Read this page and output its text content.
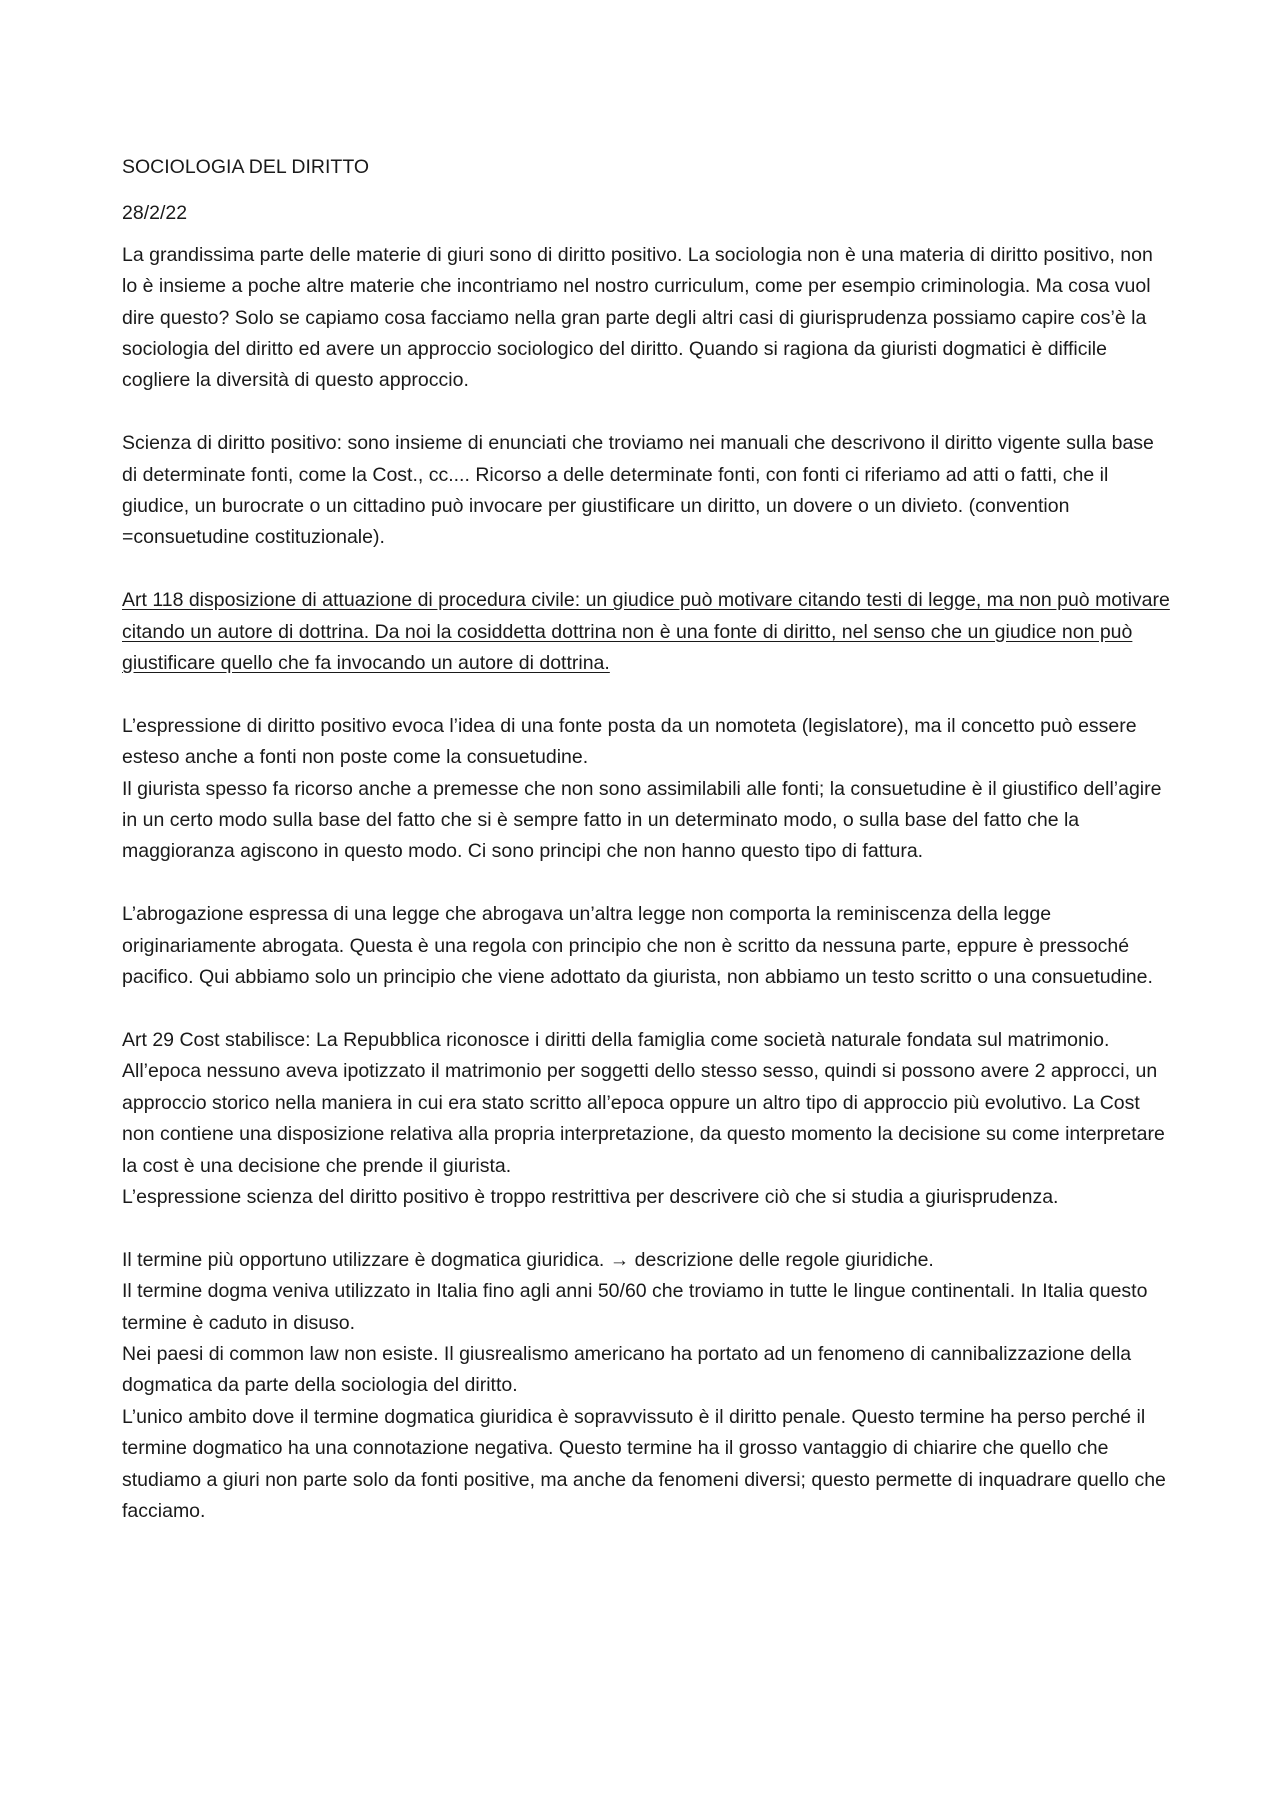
SOCIOLOGIA DEL DIRITTO

28/2/22

La grandissima parte delle materie di giuri sono di diritto positivo. La sociologia non è una materia di diritto positivo, non lo è insieme a poche altre materie che incontriamo nel nostro curriculum, come per esempio criminologia. Ma cosa vuol dire questo? Solo se capiamo cosa facciamo nella gran parte degli altri casi di giurisprudenza possiamo capire cos’è la sociologia del diritto ed avere un approccio sociologico del diritto. Quando si ragiona da giuristi dogmatici è difficile cogliere la diversità di questo approccio.

Scienza di diritto positivo: sono insieme di enunciati che troviamo nei manuali che descrivono il diritto vigente sulla base di determinate fonti, come la Cost., cc.... Ricorso a delle determinate fonti, con fonti ci riferiamo ad atti o fatti, che il giudice, un burocrate o un cittadino può invocare per giustificare un diritto, un dovere o un divieto. (convention =consuetudine costituzionale).

Art 118 disposizione di attuazione di procedura civile: un giudice può motivare citando testi di legge, ma non può motivare citando un autore di dottrina. Da noi la cosiddetta dottrina non è una fonte di diritto, nel senso che un giudice non può giustificare quello che fa invocando un autore di dottrina.

L’espressione di diritto positivo evoca l’idea di una fonte posta da un nomoteta (legislatore), ma il concetto può essere esteso anche a fonti non poste come la consuetudine.

Il giurista spesso fa ricorso anche a premesse che non sono assimilabili alle fonti; la consuetudine è il giustifico dell’agire in un certo modo sulla base del fatto che si è sempre fatto in un determinato modo, o sulla base del fatto che la maggioranza agiscono in questo modo. Ci sono principi che non hanno questo tipo di fattura.

L’abrogazione espressa di una legge che abrogava un’altra legge non comporta la reminiscenza della legge originariamente abrogata. Questa è una regola con principio che non è scritto da nessuna parte, eppure è pressoché pacifico. Qui abbiamo solo un principio che viene adottato da giurista, non abbiamo un testo scritto o una consuetudine.

Art 29 Cost stabilisce: La Repubblica riconosce i diritti della famiglia come società naturale fondata sul matrimonio. All’epoca nessuno aveva ipotizzato il matrimonio per soggetti dello stesso sesso, quindi si possono avere 2 approcci, un approccio storico nella maniera in cui era stato scritto all’epoca oppure un altro tipo di approccio più evolutivo. La Cost non contiene una disposizione relativa alla propria interpretazione, da questo momento la decisione su come interpretare la cost è una decisione che prende il giurista.

L’espressione scienza del diritto positivo è troppo restrittiva per descrivere ciò che si studia a giurisprudenza.

Il termine più opportuno utilizzare è dogmatica giuridica. → descrizione delle regole giuridiche.

Il termine dogma veniva utilizzato in Italia fino agli anni 50/60 che troviamo in tutte le lingue continentali. In Italia questo termine è caduto in disuso.

Nei paesi di common law non esiste. Il giusrealismo americano ha portato ad un fenomeno di cannibalizzazione della dogmatica da parte della sociologia del diritto.

L’unico ambito dove il termine dogmatica giuridica è sopravvissuto è il diritto penale. Questo termine ha perso perché il termine dogmatico ha una connotazione negativa. Questo termine ha il grosso vantaggio di chiarire che quello che studiamo a giuri non parte solo da fonti positive, ma anche da fenomeni diversi; questo permette di inquadrare quello che facciamo.
